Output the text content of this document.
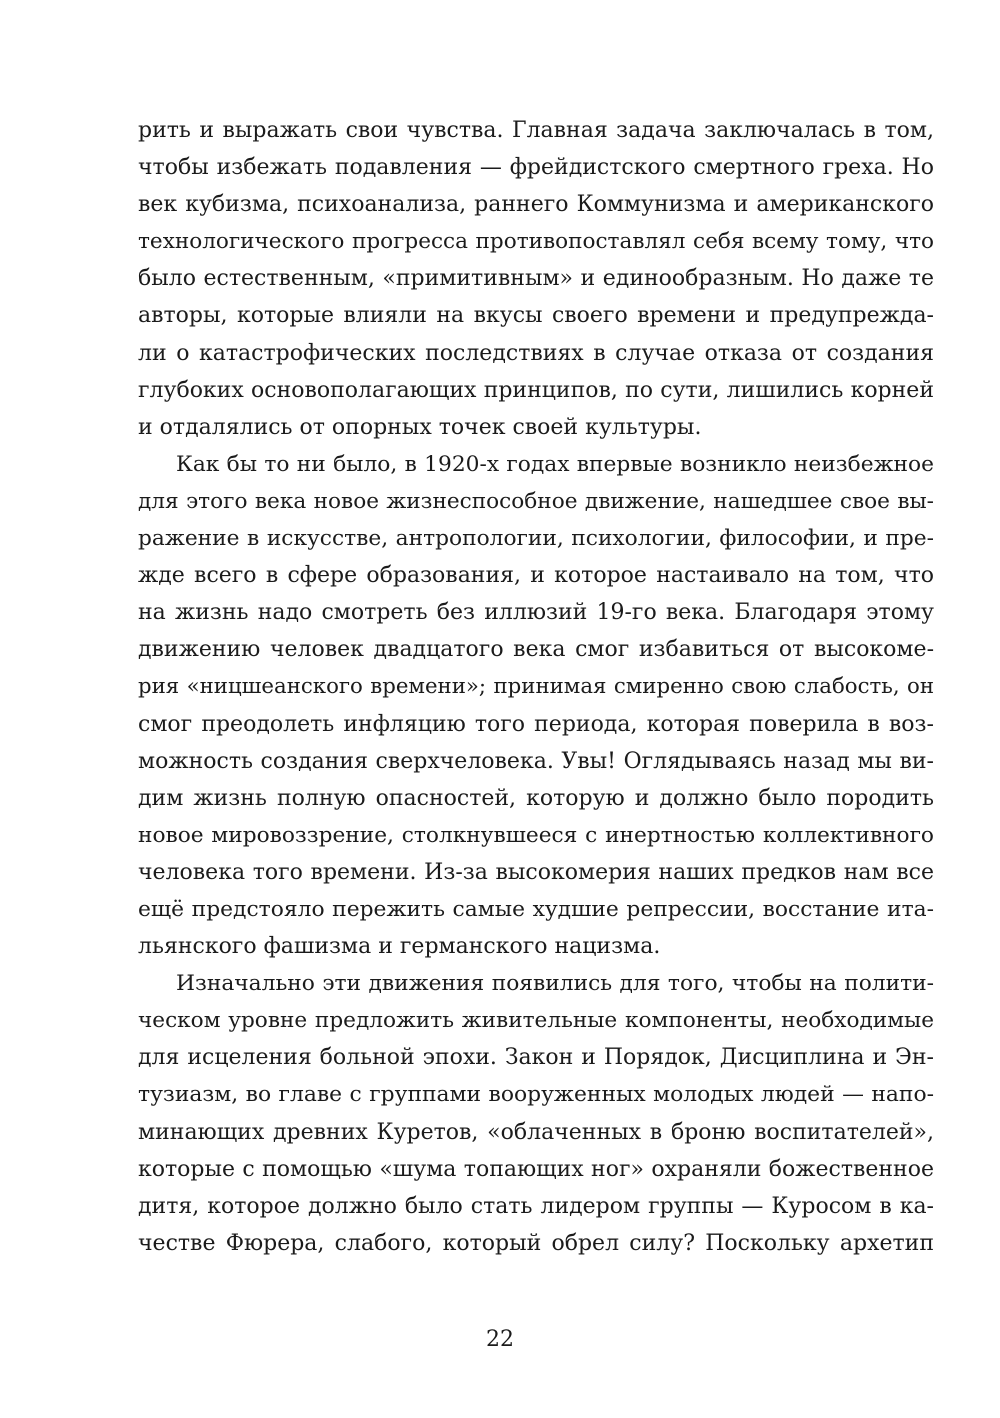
рить и выражать свои чувства. Главная задача заключалась в том,
чтобы избежать подавления — фрейдистского смертного греха. Но
век кубизма, психоанализа, раннего Коммунизма и американского
технологического прогресса противопоставлял себя всему тому, что
было естественным, «примитивным» и единообразным. Но даже те
авторы, которые влияли на вкусы своего времени и предупрежда-
ли о катастрофических последствиях в случае отказа от создания
глубоких основополагающих принципов, по сути, лишились корней
и отдалялись от опорных точек своей культуры.
Как бы то ни было, в 1920-х годах впервые возникло неизбежное
для этого века новое жизнеспособное движение, нашедшее свое вы-
ражение в искусстве, антропологии, психологии, философии, и пре-
жде всего в сфере образования, и которое настаивало на том, что
на жизнь надо смотреть без иллюзий 19-го века. Благодаря этому
движению человек двадцатого века смог избавиться от высокоме-
рия «ницшеанского времени»; принимая смиренно свою слабость, он
смог преодолеть инфляцию того периода, которая поверила в воз-
можность создания сверхчеловека. Увы! Оглядываясь назад мы ви-
дим жизнь полную опасностей, которую и должно было породить
новое мировоззрение, столкнувшееся с инертностью коллективного
человека того времени. Из-за высокомерия наших предков нам все
ещё предстояло пережить самые худшие репрессии, восстание ита-
льянского фашизма и германского нацизма.
Изначально эти движения появились для того, чтобы на полити-
ческом уровне предложить живительные компоненты, необходимые
для исцеления больной эпохи. Закон и Порядок, Дисциплина и Эн-
тузиазм, во главе с группами вооруженных молодых людей — напо-
минающих древних Куретов, «облаченных в броню воспитателей»,
которые с помощью «шума топающих ног» охраняли божественное
дитя, которое должно было стать лидером группы — Куросом в ка-
честве Фюрера, слабого, который обрел силу? Поскольку архетип
22
